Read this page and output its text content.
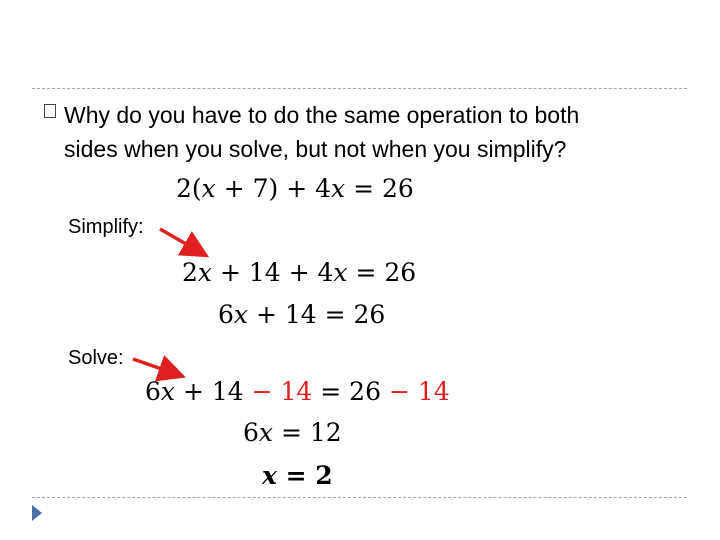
Why do you have to do the same operation to both
sides when you solve, but not when you simplify?
2(x + 7) + 4x = 26
Simplify:
2x + 14 + 4x = 26
6x + 14 = 26
Solve:
6x + 14 − 14 = 26 − 14
6x = 12
x = 2
